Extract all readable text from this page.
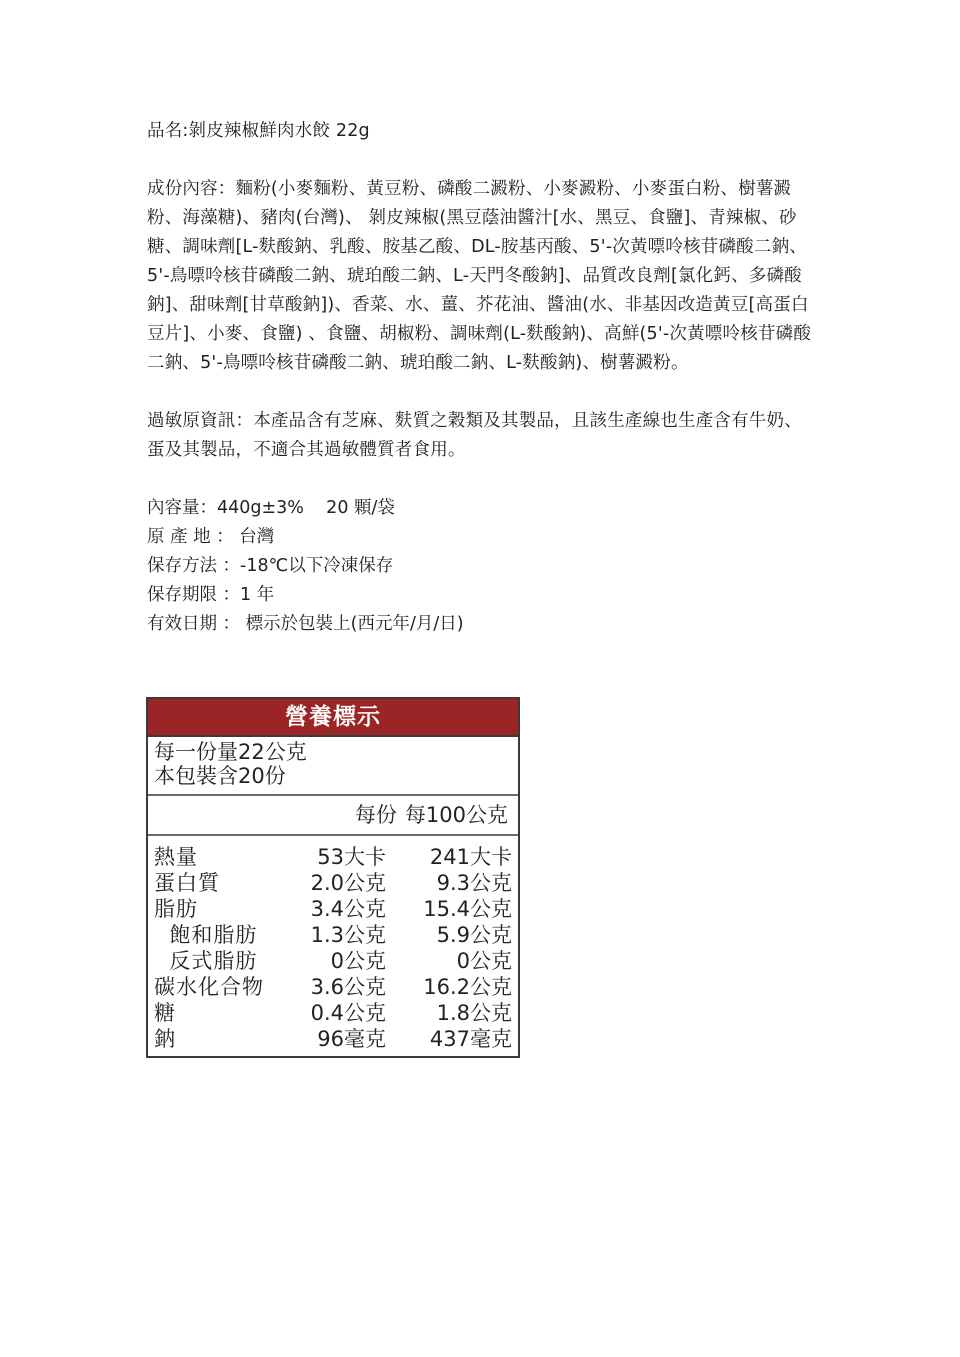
品名:剝皮辣椒鮮肉水餃 22g

成份內容：麵粉(小麥麵粉、黃豆粉、磷酸二澱粉、小麥澱粉、小麥蛋白粉、樹薯澱粉、海藻糖)、豬肉(台灣)、 剝皮辣椒(黑豆蔭油醬汁[水、黑豆、食鹽]、青辣椒、砂糖、調味劑[L-麩酸鈉、乳酸、胺基乙酸、DL-胺基丙酸、5'-次黃嘌呤核苷磷酸二鈉、5'-鳥嘌呤核苷磷酸二鈉、琥珀酸二鈉、L-天門冬酸鈉]、品質改良劑[氯化鈣、多磷酸鈉]、甜味劑[甘草酸鈉])、香菜、水、薑、芥花油、醬油(水、非基因改造黃豆[高蛋白豆片]、小麥、食鹽) 、食鹽、胡椒粉、調味劑(L-麩酸鈉)、高鮮(5'-次黃嘌呤核苷磷酸二鈉、5'-鳥嘌呤核苷磷酸二鈉、琥珀酸二鈉、L-麩酸鈉)、樹薯澱粉。

過敏原資訊：本產品含有芝麻、麩質之穀類及其製品，且該生產線也生產含有牛奶、蛋及其製品，不適合其過敏體質者食用。

內容量：440g±3%    20 顆/袋
原 產 地 ： 台灣
保存方法 ：-18℃以下冷凍保存
保存期限 ：1 年
有效日期 ： 標示於包裝上(西元年/月/日)
營養標示
每一份量22公克
本包裝含20份
每份 每100公克
熱量	53大卡	241大卡
蛋白質	2.0公克	9.3公克
脂肪	3.4公克	15.4公克
飽和脂肪	1.3公克	5.9公克
反式脂肪	0公克	0公克
碳水化合物	3.6公克	16.2公克
糖	0.4公克	1.8公克
鈉	96毫克	437毫克
